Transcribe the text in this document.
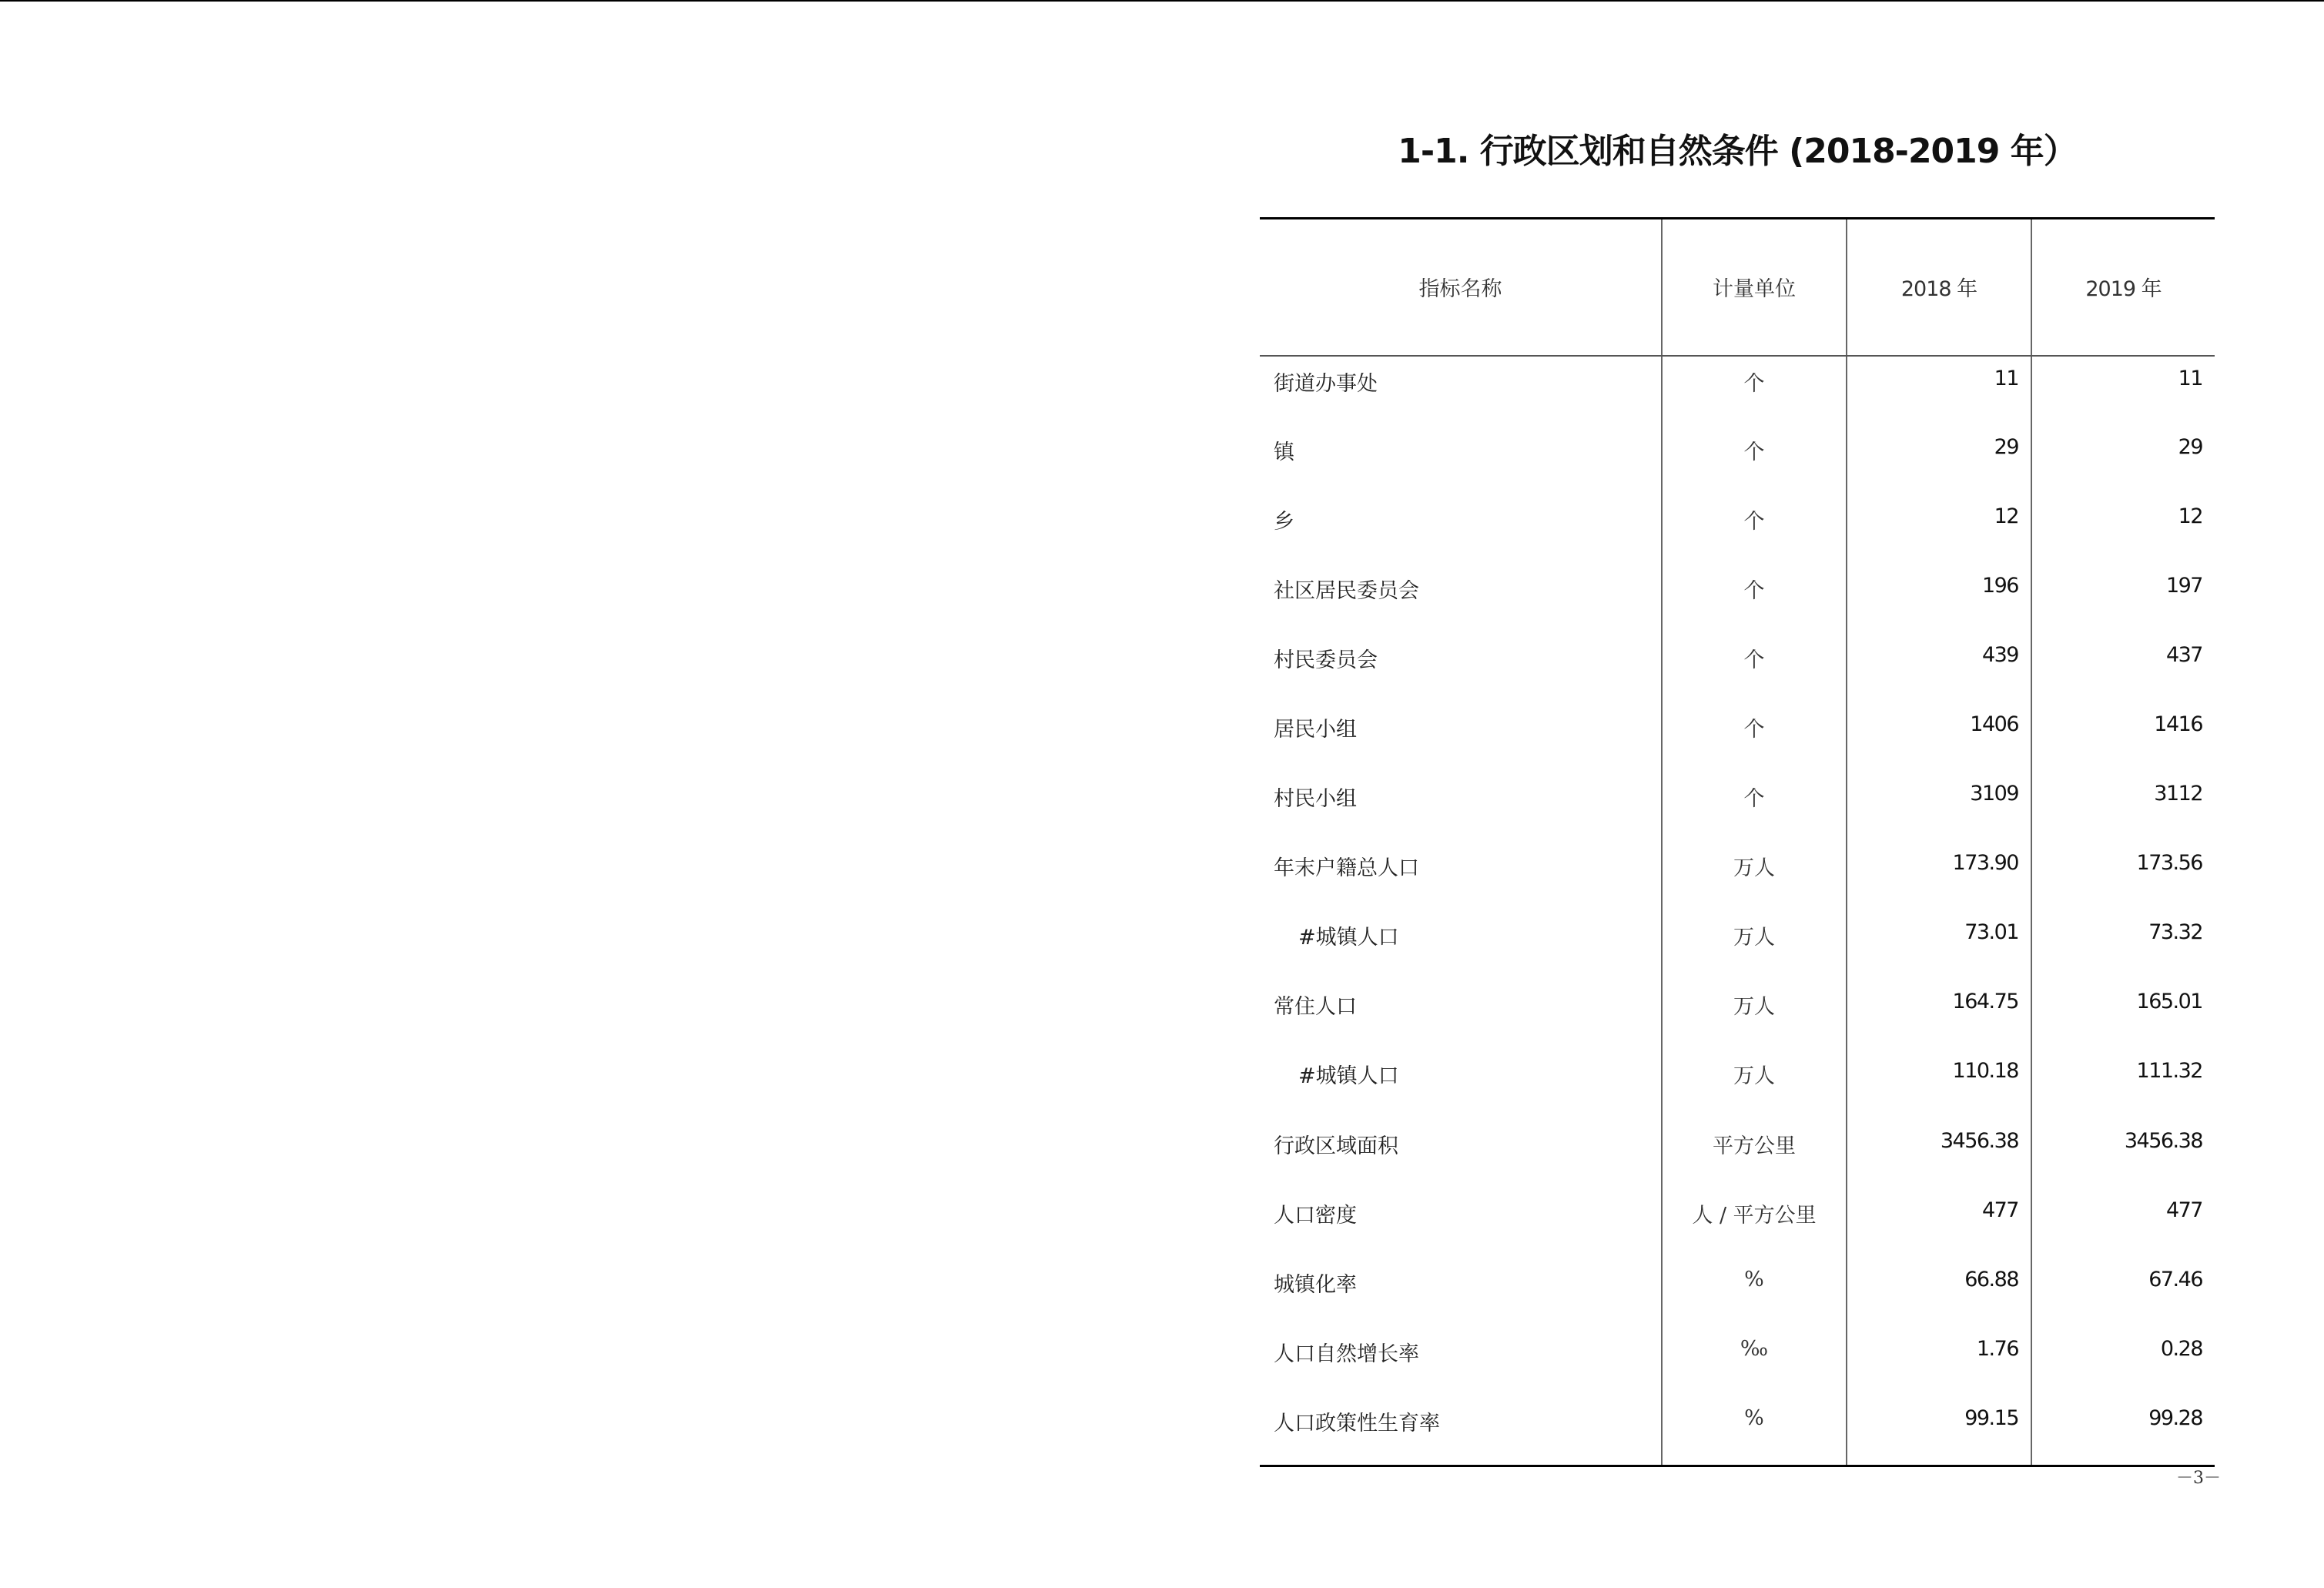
1-1. 行政区划和自然条件 (2018-2019 年）
指标名称	计量单位	2018 年	2019 年
街道办事处	个	11	11
镇	个	29	29
乡	个	12	12
社区居民委员会	个	196	197
村民委员会	个	439	437
居民小组	个	1406	1416
村民小组	个	3109	3112
年末户籍总人口	万人	173.90	173.56
#城镇人口	万人	73.01	73.32
常住人口	万人	164.75	165.01
#城镇人口	万人	110.18	111.32
行政区域面积	平方公里	3456.38	3456.38
人口密度	人 / 平方公里	477	477
城镇化率	%	66.88	67.46
人口自然增长率	‰	1.76	0.28
人口政策性生育率	%	99.15	99.28
－3－
